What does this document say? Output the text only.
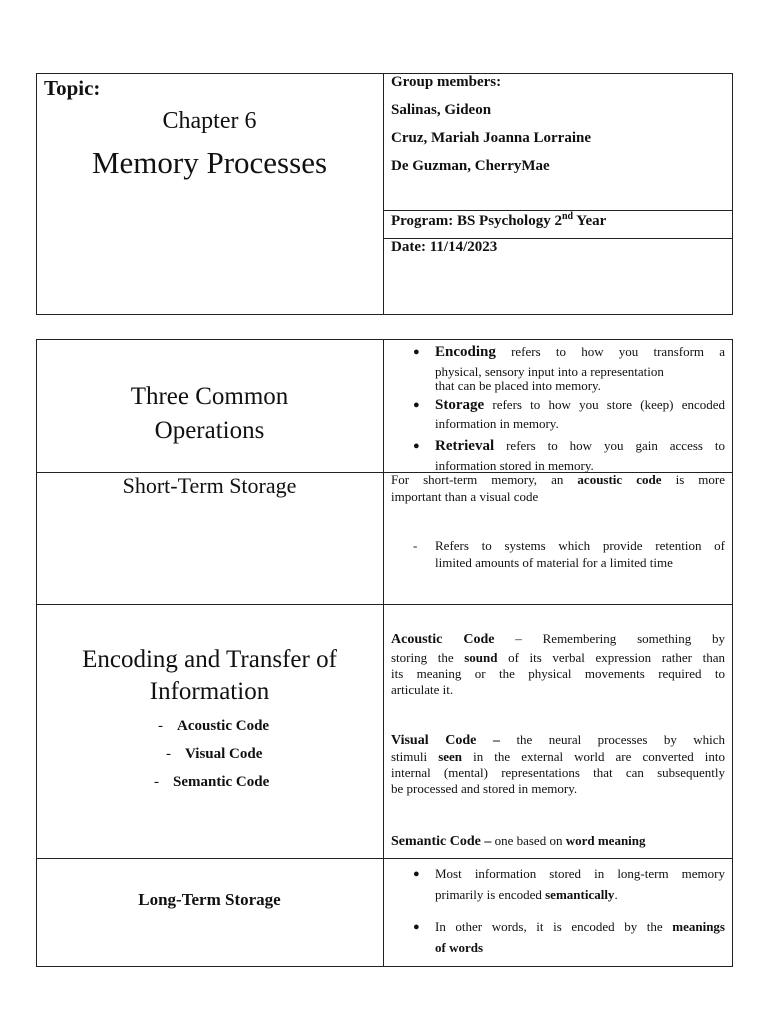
Topic:
Chapter 6
Memory Processes
Group members:
Salinas, Gideon
Cruz, Mariah Joanna Lorraine
De Guzman, CherryMae
Program: BS Psychology 2nd Year
Date: 11/14/2023
Three Common
Operations
● Encoding refers to how you transform a
physical, sensory input into a representation
that can be placed into memory.
● Storage refers to how you store (keep) encoded
information in memory.
● Retrieval refers to how you gain access to
information stored in memory.
Short-Term Storage	For short-term memory, an acoustic code is more
important than a visual code
- Refers to systems which provide retention of
limited amounts of material for a limited time
Encoding and Transfer of
Information
- Acoustic Code
- Visual Code
- Semantic Code
Acoustic Code – Remembering something by
storing the sound of its verbal expression rather than
its meaning or the physical movements required to
articulate it.
Visual Code – the neural processes by which
stimuli seen in the external world are converted into
internal (mental) representations that can subsequently
be processed and stored in memory.
Semantic Code – one based on word meaning
Long-Term Storage
● Most information stored in long-term memory
primarily is encoded semantically.
● In other words, it is encoded by the meanings
of words
